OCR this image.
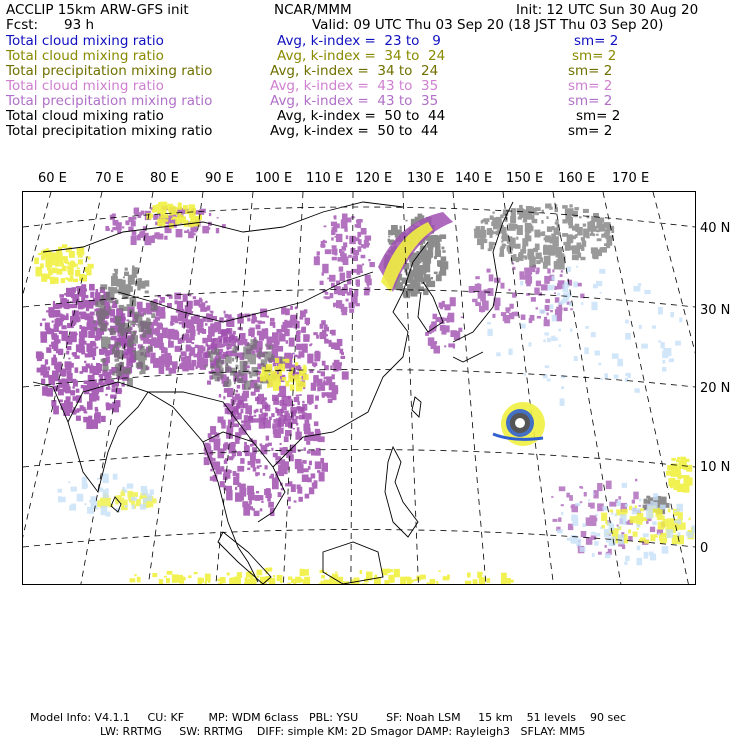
ACCLIP 15km ARW-GFS init	NCAR/MMM	Init: 12 UTC Sun 30 Aug 20
Fcst: 93 h	Valid: 09 UTC Thu 03 Sep 20 (18 JST Thu 03 Sep 20)
Total cloud mixing ratio	Avg, k-index =  23 to   9	sm= 2
Total cloud mixing ratio	Avg, k-index =  34 to  24	sm= 2
Total precipitation mixing ratio	Avg, k-index =  34 to  24	sm= 2
Total cloud mixing ratio	Avg, k-index =  43 to  35	sm= 2
Total precipitation mixing ratio	Avg, k-index =  43 to  35	sm= 2
Total cloud mixing ratio	Avg, k-index =  50 to  44	sm= 2
Total precipitation mixing ratio	Avg, k-index =  50 to  44	sm= 2
60 E 70 E 80 E 90 E 100 E 110 E 120 E 130 E 140 E 150 E 160 E 170 E
40 N
30 N
20 N
10 N
0
Model Info: V4.1.1     CU: KF       MP: WDM 6class   PBL: YSU        SF: Noah LSM     15 km    51 levels    90 sec
LW: RRTMG     SW: RRTMG    DIFF: simple KM: 2D Smagor DAMP: Rayleigh3   SFLAY: MM5
